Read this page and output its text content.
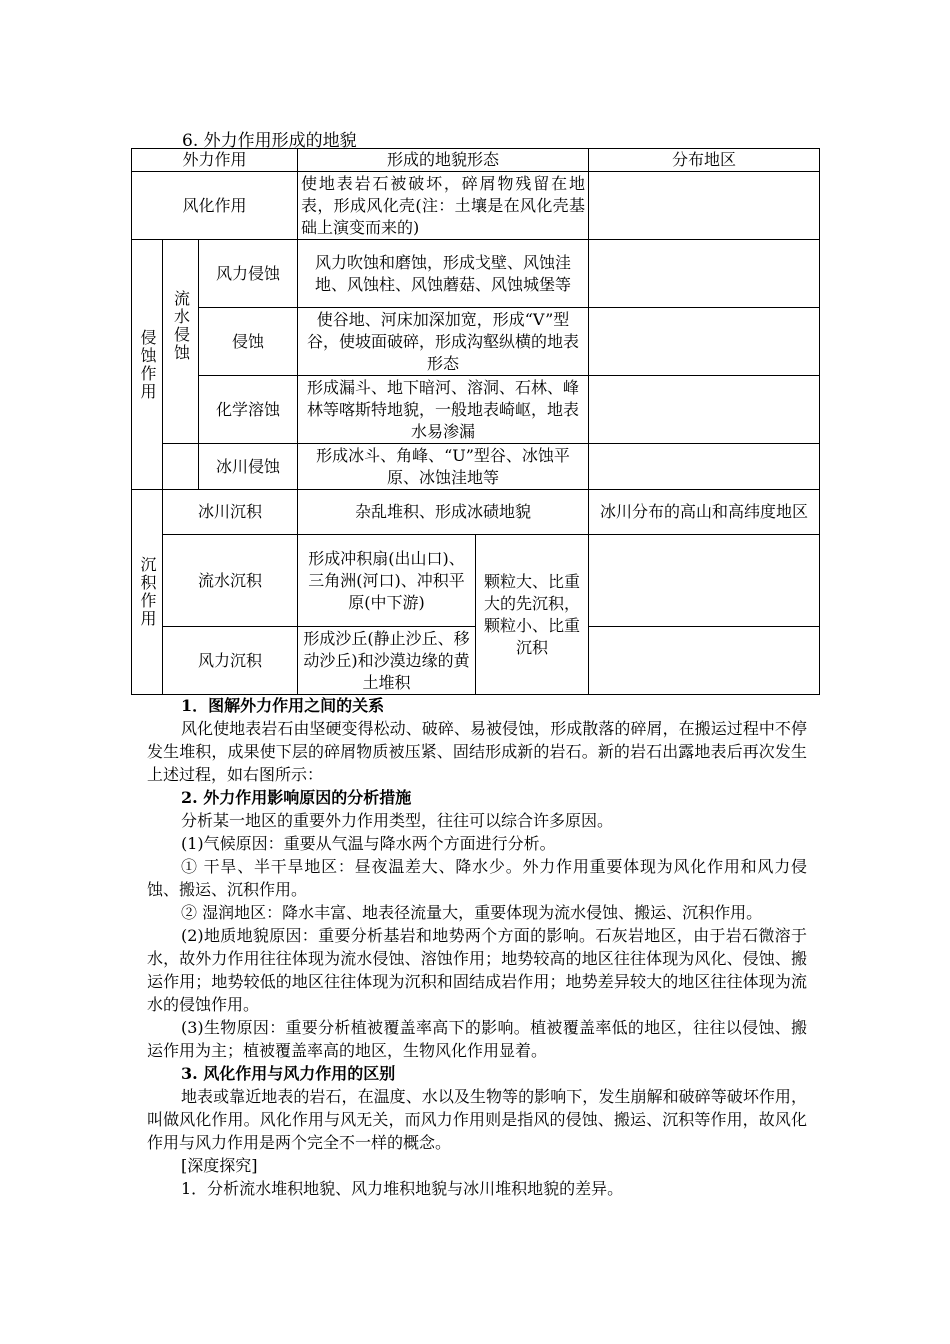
6. 外力作用形成的地貌
外力作用			形成的地貌形态		分布地区
风化作用			使地表岩石被破坏，碎屑物残留在地表，形成风化壳(注：土壤是在风化壳基础上演变而来的)		

侵蚀作用	流水侵蚀	风力侵蚀	风力吹蚀和磨蚀，形成戈壁、风蚀洼地、风蚀柱、风蚀蘑菇、风蚀城堡等		
		侵蚀	使谷地、河床加深加宽，形成“V”型谷，使坡面破碎，形成沟壑纵横的地表形态		
		化学溶蚀	形成漏斗、地下暗河、溶洞、石林、峰林等喀斯特地貌，一般地表崎岖，地表水易渗漏		
		冰川侵蚀	形成冰斗、角峰、“U”型谷、冰蚀平原、冰蚀洼地等		

沉积作用	冰川沉积		杂乱堆积、形成冰碛地貌		冰川分布的高山和高纬度地区
	流水沉积		形成冲积扇(出山口)、三角洲(河口)、冲积平原(中下游)	颗粒大、比重大的先沉积，颗粒小、比重沉积	
	风力沉积		形成沙丘(静止沙丘、移动沙丘)和沙漠边缘的黄土堆积		

1．图解外力作用之间的关系

风化使地表岩石由坚硬变得松动、破碎、易被侵蚀，形成散落的碎屑，在搬运过程中不停发生堆积，成果使下层的碎屑物质被压紧、固结形成新的岩石。新的岩石出露地表后再次发生上述过程，如右图所示：

2. 外力作用影响原因的分析措施

分析某一地区的重要外力作用类型，往往可以综合许多原因。

(1)气候原因：重要从气温与降水两个方面进行分析。

① 干旱、半干旱地区：昼夜温差大、降水少。外力作用重要体现为风化作用和风力侵蚀、搬运、沉积作用。

② 湿润地区：降水丰富、地表径流量大，重要体现为流水侵蚀、搬运、沉积作用。

(2)地质地貌原因：重要分析基岩和地势两个方面的影响。石灰岩地区，由于岩石微溶于水，故外力作用往往体现为流水侵蚀、溶蚀作用；地势较高的地区往往体现为风化、侵蚀、搬运作用；地势较低的地区往往体现为沉积和固结成岩作用；地势差异较大的地区往往体现为流水的侵蚀作用。

(3)生物原因：重要分析植被覆盖率高下的影响。植被覆盖率低的地区，往往以侵蚀、搬运作用为主；植被覆盖率高的地区，生物风化作用显着。

3. 风化作用与风力作用的区别

地表或靠近地表的岩石，在温度、水以及生物等的影响下，发生崩解和破碎等破坏作用，叫做风化作用。风化作用与风无关，而风力作用则是指风的侵蚀、搬运、沉积等作用，故风化作用与风力作用是两个完全不一样的概念。

[深度探究]

1．分析流水堆积地貌、风力堆积地貌与冰川堆积地貌的差异。
